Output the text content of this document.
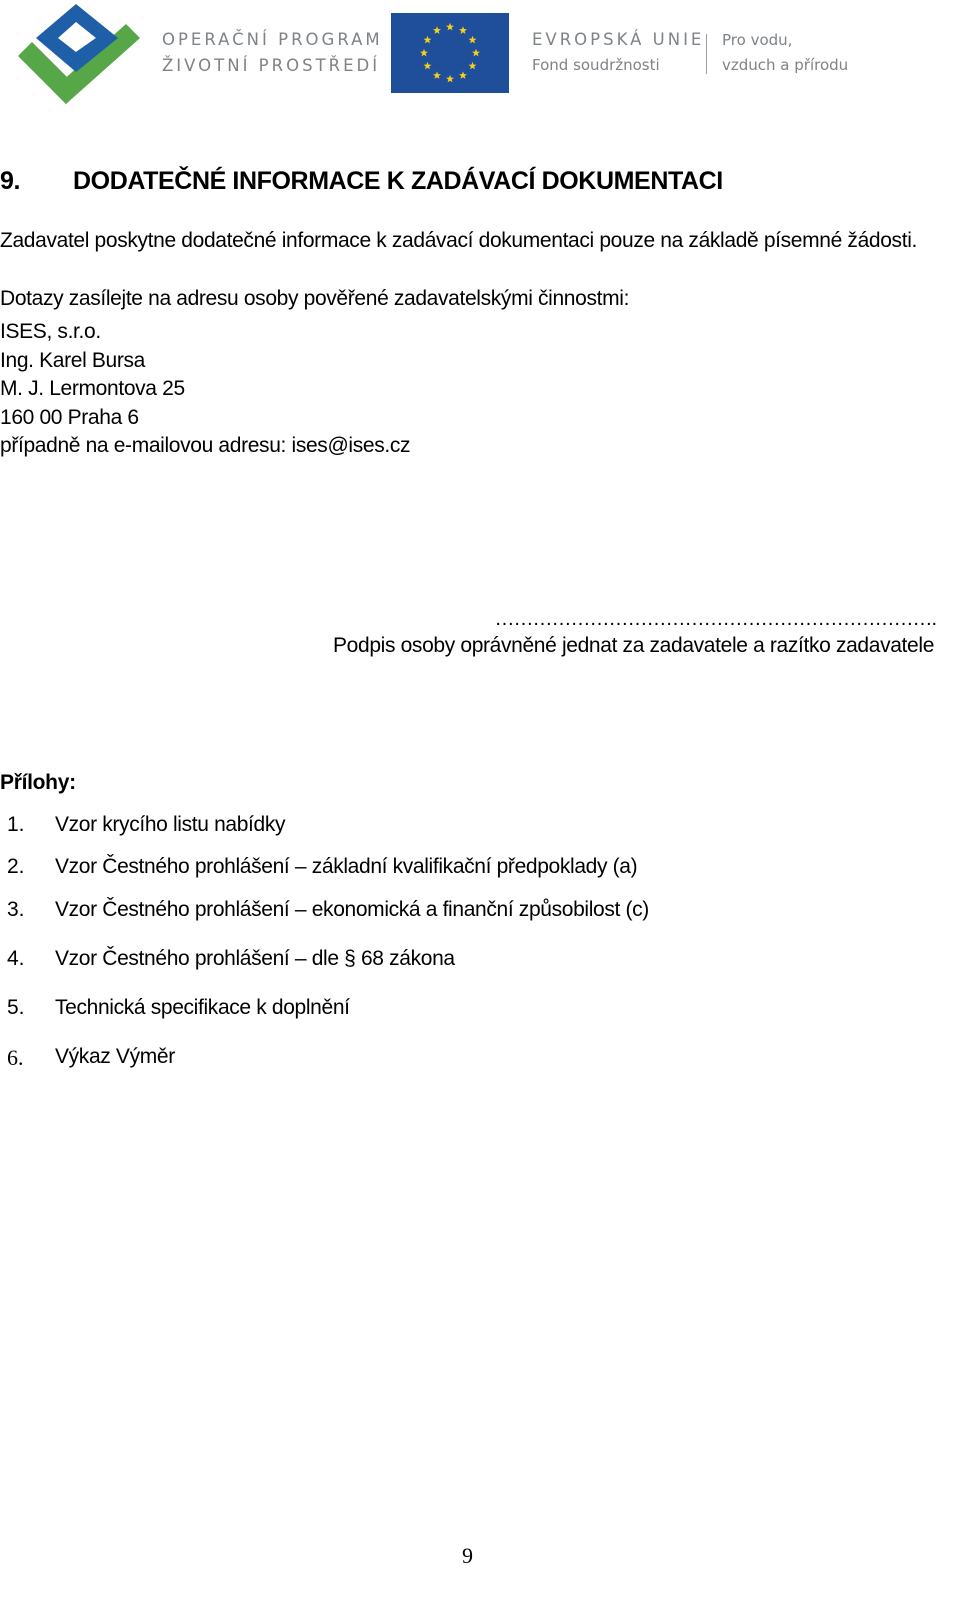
OPERAČNÍ PROGRAM
ŽIVOTNÍ PROSTŘEDÍ
EVROPSKÁ UNIE
Fond soudržnosti
Pro vodu,
vzduch a přírodu
9. DODATEČNÉ INFORMACE K ZADÁVACÍ DOKUMENTACI
Zadavatel poskytne dodatečné informace k zadávací dokumentaci pouze na základě písemné žádosti.
Dotazy zasílejte na adresu osoby pověřené zadavatelskými činnostmi:
ISES, s.r.o.
Ing. Karel Bursa
M. J. Lermontova 25
160 00 Praha 6
případně na e-mailovou adresu: ises@ises.cz
…………………………………………………………….
Podpis osoby oprávněné jednat za zadavatele a razítko zadavatele
Přílohy:
1. Vzor krycího listu nabídky
2. Vzor Čestného prohlášení – základní kvalifikační předpoklady (a)
3. Vzor Čestného prohlášení – ekonomická a finanční způsobilost (c)
4. Vzor Čestného prohlášení – dle § 68 zákona
5. Technická specifikace k doplnění
6. Výkaz Výměr
9
